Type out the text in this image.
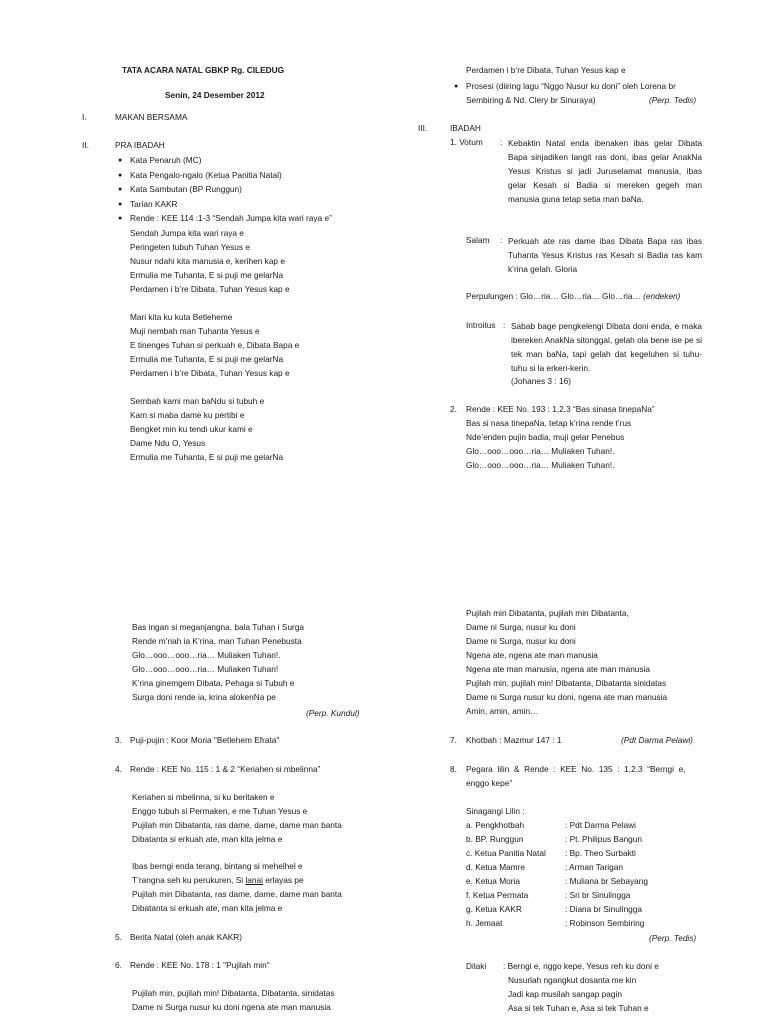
TATA ACARA NATAL GBKP Rg. CILEDUG
Senin, 24 Desember 2012
I.	MAKAN BERSAMA
II.	PRA IBADAH
● Kata Penaruh (MC)
● Kata Pengalo-ngalo (Ketua Panitia Natal)
● Kata Sambutan (BP Runggun)
● Tarian KAKR
● Rende : KEE 114 :1-3 “Sendah Jumpa kita wari raya e”
Sendah Jumpa kita wari raya e
Peringeten tubuh Tuhan Yesus e
Nusur ndahi kita manusia e, kerihen kap e
Ermulia me Tuhanta, E si puji me gelarNa
Perdamen i b’re Dibata, Tuhan Yesus kap e
Mari kita ku kuta Betleheme
Muji nembah man Tuhanta Yesus e
E tinenges Tuhan si perkuah e, Dibata Bapa e
Ermulia me Tuhanta, E si puji me gelarNa
Perdamen i b’re Dibata, Tuhan Yesus kap e
Sembah kami man baNdu si tubuh e
Kam si maba dame ku pertibi e
Bengket min ku tendi ukur kami e
Dame Ndu O, Yesus
Ermulia me Tuhanta, E si puji me gelarNa
Bas ingan si meganjangna, bala Tuhan i Surga
Rende m’riah ia K’rina, man Tuhan Penebusta
Glo…ooo…ooo…ria… Muliaken Tuhan!.
Glo…ooo…ooo…ria… Muliaken Tuhan!
K’rina ginemgem Dibata, Pehaga si Tubuh e
Surga doni rende ia, krina alokenNa pe
(Perp. Kundul)
3. Puji-pujin : Koor Moria "Betlehem Efrata"
4. Rende : KEE No. 115 : 1 & 2 “Keriahen si mbelinna”
Keriahen si mbelinna, si ku beritaken e
Enggo tubuh si Permaken, e me Tuhan Yesus e
Pujilah min Dibatanta, ras dame, dame, dame man banta
Dibatanta si erkuah ate, man kita jelma e
Ibas berngi enda terang, bintang si mehelhel e
T’rangna seh ku perukuren, Si lanai erlayas pe
Pujilah min Dibatanta, ras dame, dame, dame man banta
Dibatanta si erkuah ate, man kita jelma e
5. Berita Natal (oleh anak KAKR)
6. Rende : KEE No. 178 : 1 "Pujilah min"
Pujilah min, pujilah min! Dibatanta, Dibatanta, sinidatas
Dame ni Surga nusur ku doni ngena ate man manusia
Perdamen i b’re Dibata, Tuhan Yesus kap e
● Prosesi (diiring lagu “Nggo Nusur ku doni” oleh Lorena br
Sembiring & Nd. Clery br Sinuraya)	(Perp. Tedis)
III.	IBADAH
1. Votum : Kebaktin Natal enda ibenaken ibas gelar Dibata Bapa sinjadiken langit ras doni, ibas gelar AnakNa Yesus Kristus si jadi Juruselamat manusia, ibas gelar Kesah si Badia si mereken gegeh man manusia guna tetap setia man baNa.
Salam : Perkuah ate ras dame ibas Dibata Bapa ras ibas Tuhanta Yesus Kristus ras Kesah si Badia ras kam k’rina gelah. Gloria
Perpulungen : Glo…ria… Glo…ria… Glo…ria… (endeken)
Introitus : Sabab bage pengkelengi Dibata doni enda, e maka ibereken AnakNa sitonggal, gelah ola bene ise pe si tek man baNa, tapi gelah dat kegeluhen si tuhu-tuhu si la erkeri-kerin.
(Johanes 3 : 16)
2. Rende : KEE No. 193 : 1,2,3 “Bas sinasa tinepaNa”
Bas si nasa tinepaNa, tetap k’rina rende t’rus
Nde’enden pujin badia, muji gelar Penebus
Glo…ooo…ooo…ria… Muliaken Tuhan!.
Glo…ooo…ooo…ria… Muliaken Tuhan!.
Pujilah min Dibatanta, pujilah min Dibatanta,
Dame ni Surga, nusur ku doni
Dame ni Surga, nusur ku doni
Ngena ate, ngena ate man manusia
Ngena ate man manusia, ngena ate man manusia
Pujilah min, pujilah min! Dibatanta, Dibatanta sinidatas
Dame ni Surga nusur ku doni, ngena ate man manusia
Amin, amin, amin…
7. Khotbah : Mazmur 147 : 1	(Pdt Darma Pelawi)
8. Pegara  lilin  &  Rende  :  KEE  No.  135  :  1,2,3  “Berngi  e,
enggo kepe”
Sinagangi Lilin :
a. Pengkhotbah	: Pdt Darma Pelawi
b. BP. Runggun	: Pt. Philipus Bangun
c. Ketua Panitia Natal : Bp. Theo Surbakti
d. Ketua Mamre	: Arman Tarigan
e. Ketua Moria	: Muliana br Sebayang
f. Ketua Permata	: Sri br Sinulingga
g. Ketua KAKR	: Diana br Sinulingga
h. Jemaat	: Robinson Sembiring
(Perp. Tedis)
Dilaki : Berngi e, nggo kepe, Yesus reh ku doni e
Nusurlah ngangkut dosanta me kin
Jadi kap musilah sangap pagin
Asa si tek Tuhan e, Asa si tek Tuhan e
